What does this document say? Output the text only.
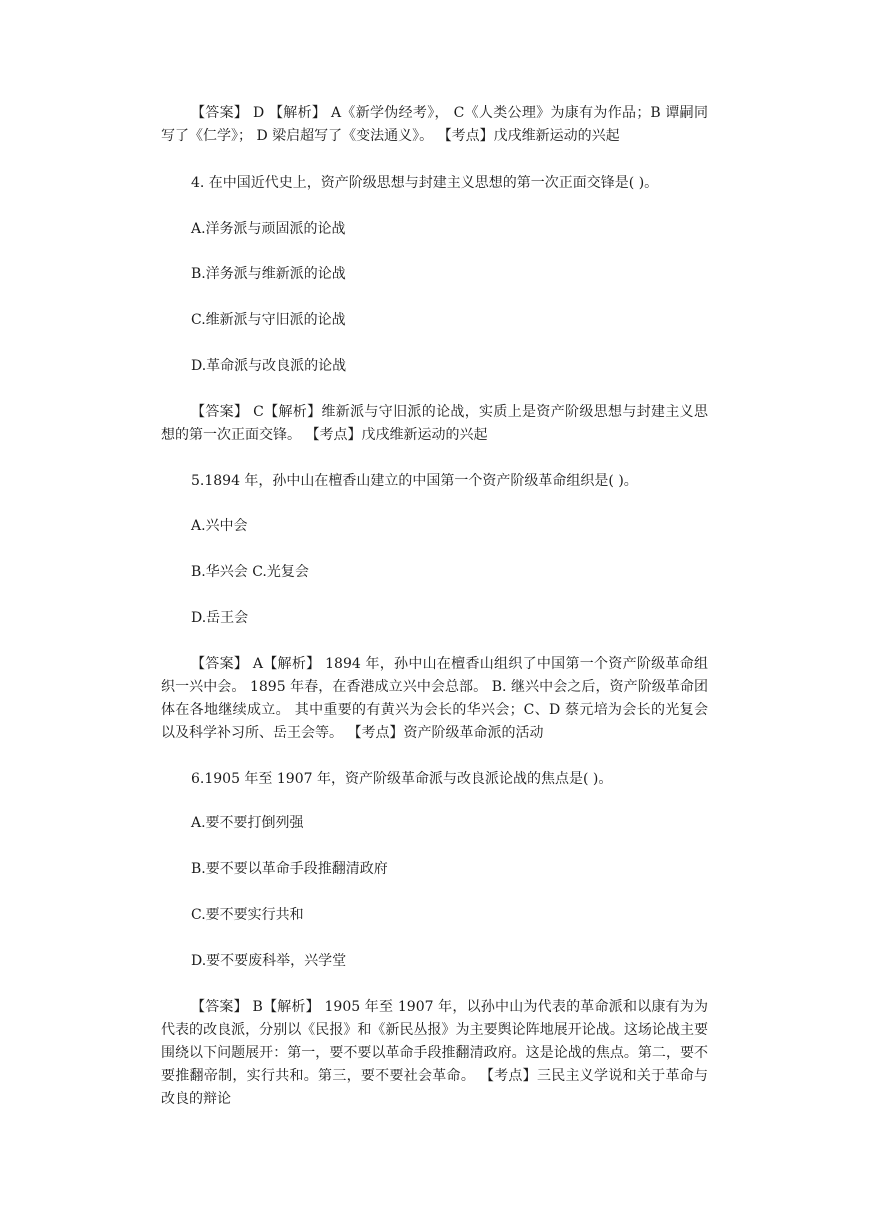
【答案】 D 【解析】 A《新学伪经考》， C《人类公理》为康有为作品；B 谭嗣同写了《仁学》； D 梁启超写了《变法通义》。 【考点】戊戌维新运动的兴起

4. 在中国近代史上，资产阶级思想与封建主义思想的第一次正面交锋是( )。

A.洋务派与顽固派的论战

B.洋务派与维新派的论战

C.维新派与守旧派的论战

D.革命派与改良派的论战

【答案】 C【解析】维新派与守旧派的论战，实质上是资产阶级思想与封建主义思想的第一次正面交锋。 【考点】戊戌维新运动的兴起

5.1894 年，孙中山在檀香山建立的中国第一个资产阶级革命组织是( )。

A.兴中会

B.华兴会 C.光复会

D.岳王会

【答案】 A【解析】 1894 年，孙中山在檀香山组织了中国第一个资产阶级革命组织一兴中会。 1895 年春，在香港成立兴中会总部。 B. 继兴中会之后，资产阶级革命团体在各地继续成立。 其中重要的有黄兴为会长的华兴会；C、D 蔡元培为会长的光复会以及科学补习所、岳王会等。 【考点】资产阶级革命派的活动

6.1905 年至 1907 年，资产阶级革命派与改良派论战的焦点是( )。

A.要不要打倒列强

B.要不要以革命手段推翻清政府

C.要不要实行共和

D.要不要废科举，兴学堂

【答案】 B【解析】 1905 年至 1907 年，以孙中山为代表的革命派和以康有为为代表的改良派，分别以《民报》和《新民丛报》为主要舆论阵地展开论战。这场论战主要围绕以下问题展开：第一，要不要以革命手段推翻清政府。这是论战的焦点。第二，要不要推翻帝制，实行共和。第三，要不要社会革命。 【考点】三民主义学说和关于革命与改良的辩论
